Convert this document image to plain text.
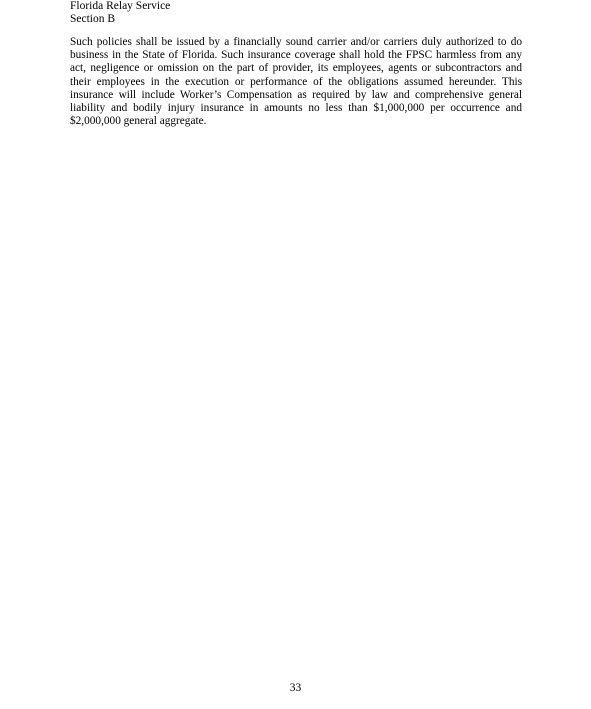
Florida Relay Service
Section B

Such policies shall be issued by a financially sound carrier and/or carriers duly authorized to do business in the State of Florida. Such insurance coverage shall hold the FPSC harmless from any act, negligence or omission on the part of provider, its employees, agents or subcontractors and their employees in the execution or performance of the obligations assumed hereunder. This insurance will include Worker’s Compensation as required by law and comprehensive general liability and bodily injury insurance in amounts no less than $1,000,000 per occurrence and $2,000,000 general aggregate.

33
